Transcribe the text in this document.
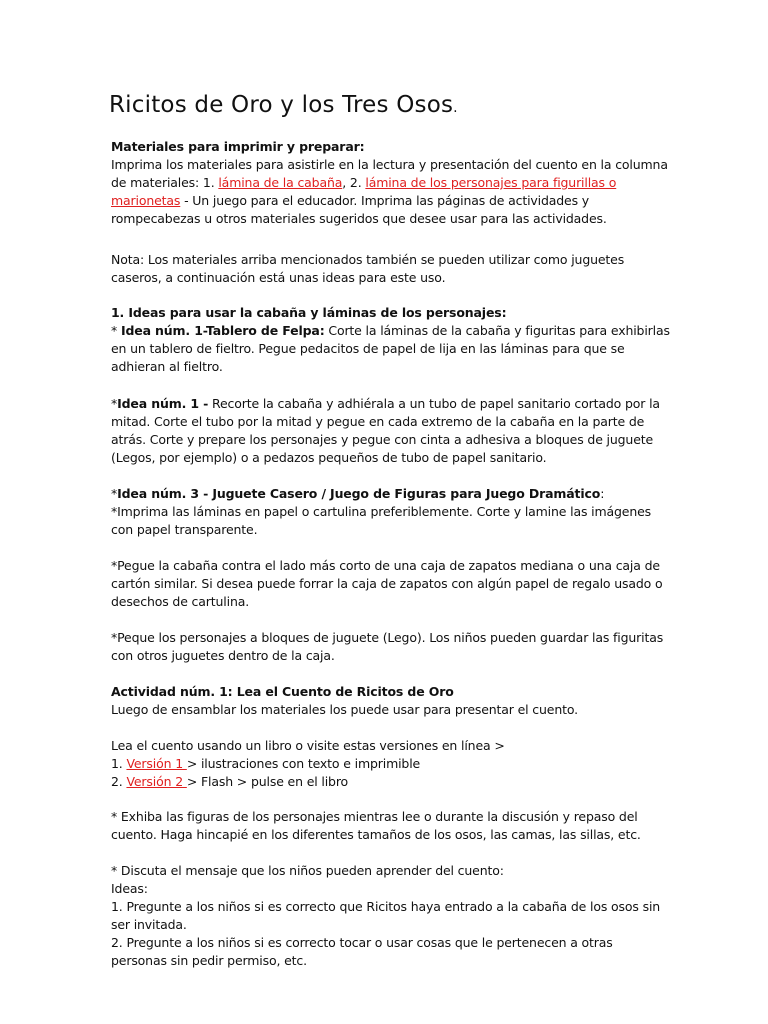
Ricitos de Oro y los Tres Osos.

Materiales para imprimir y preparar:

Imprima los materiales para asistirle en la lectura y presentación del cuento en la columna de materiales: 1. lámina de la cabaña, 2. lámina de los personajes para figurillas o marionetas - Un juego para el educador. Imprima las páginas de actividades y rompecabezas u otros materiales sugeridos que desee usar para las actividades.

Nota: Los materiales arriba mencionados también se pueden utilizar como juguetes caseros, a continuación está unas ideas para este uso.

1. Ideas para usar la cabaña y láminas de los personajes:

* Idea núm. 1-Tablero de Felpa: Corte la láminas de la cabaña y figuritas para exhibirlas en un tablero de fieltro. Pegue pedacitos de papel de lija en las láminas para que se adhieran al fieltro.

*Idea núm. 1 - Recorte la cabaña y adhiérala a un tubo de papel sanitario cortado por la mitad. Corte el tubo por la mitad y pegue en cada extremo de la cabaña en la parte de atrás. Corte y prepare los personajes y pegue con cinta a adhesiva a bloques de juguete (Legos, por ejemplo) o a pedazos pequeños de tubo de papel sanitario.

*Idea núm. 3 - Juguete Casero / Juego de Figuras para Juego Dramático:

*Imprima las láminas en papel o cartulina preferiblemente. Corte y lamine las imágenes con papel transparente.

*Pegue la cabaña contra el lado más corto de una caja de zapatos mediana o una caja de cartón similar. Si desea puede forrar la caja de zapatos con algún papel de regalo usado o desechos de cartulina.

*Peque los personajes a bloques de juguete (Lego). Los niños pueden guardar las figuritas con otros juguetes dentro de la caja.

Actividad núm. 1: Lea el Cuento de Ricitos de Oro

Luego de ensamblar los materiales los puede usar para presentar el cuento.

Lea el cuento usando un libro o visite estas versiones en línea >

1. Versión 1 > ilustraciones con texto e imprimible

2. Versión 2 > Flash > pulse en el libro

* Exhiba las figuras de los personajes mientras lee o durante la discusión y repaso del cuento. Haga hincapié en los diferentes tamaños de los osos, las camas, las sillas, etc.

* Discuta el mensaje que los niños pueden aprender del cuento:

Ideas:

1. Pregunte a los niños si es correcto que Ricitos haya entrado a la cabaña de los osos sin ser invitada.

2. Pregunte a los niños si es correcto tocar o usar cosas que le pertenecen a otras personas sin pedir permiso, etc.
